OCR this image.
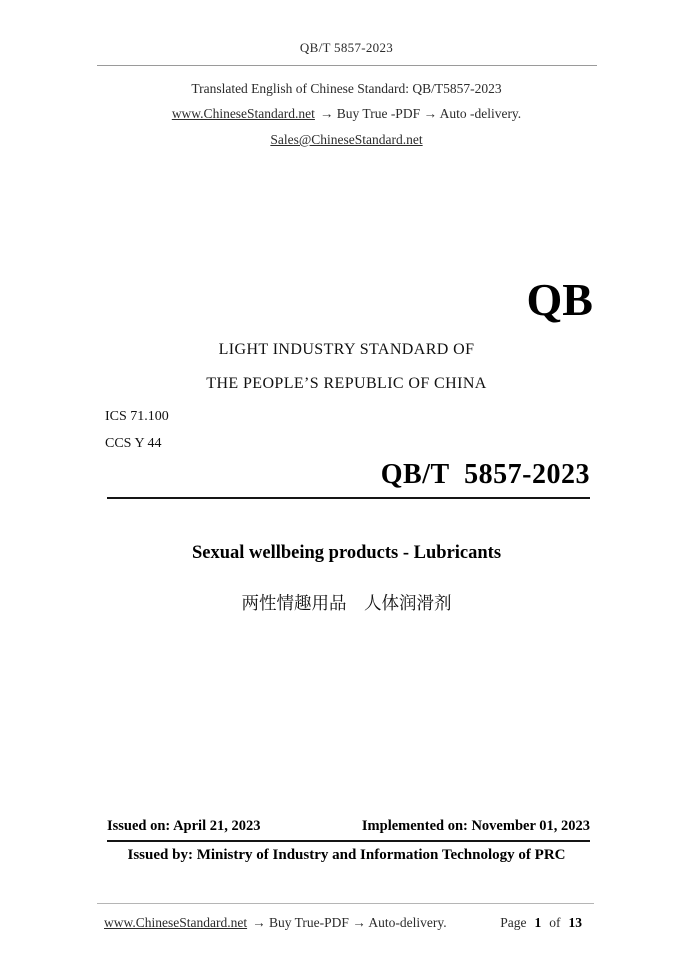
QB/T 5857-2023
Translated English of Chinese Standard: QB/T5857-2023
www.ChineseStandard.net → Buy True -PDF → Auto -delivery.
Sales@ChineseStandard.net
QB
LIGHT INDUSTRY STANDARD OF
THE PEOPLE’S REPUBLIC OF CHINA
ICS 71.100
CCS Y 44
QB/T  5857-2023
Sexual wellbeing products - Lubricants
两性情趣用品　人体润滑剂
Issued on: April 21, 2023	Implemented on: November 01, 2023
Issued by: Ministry of Industry and Information Technology of PRC
www.ChineseStandard.net → Buy True-PDF → Auto-delivery.	Page 1 of 13
